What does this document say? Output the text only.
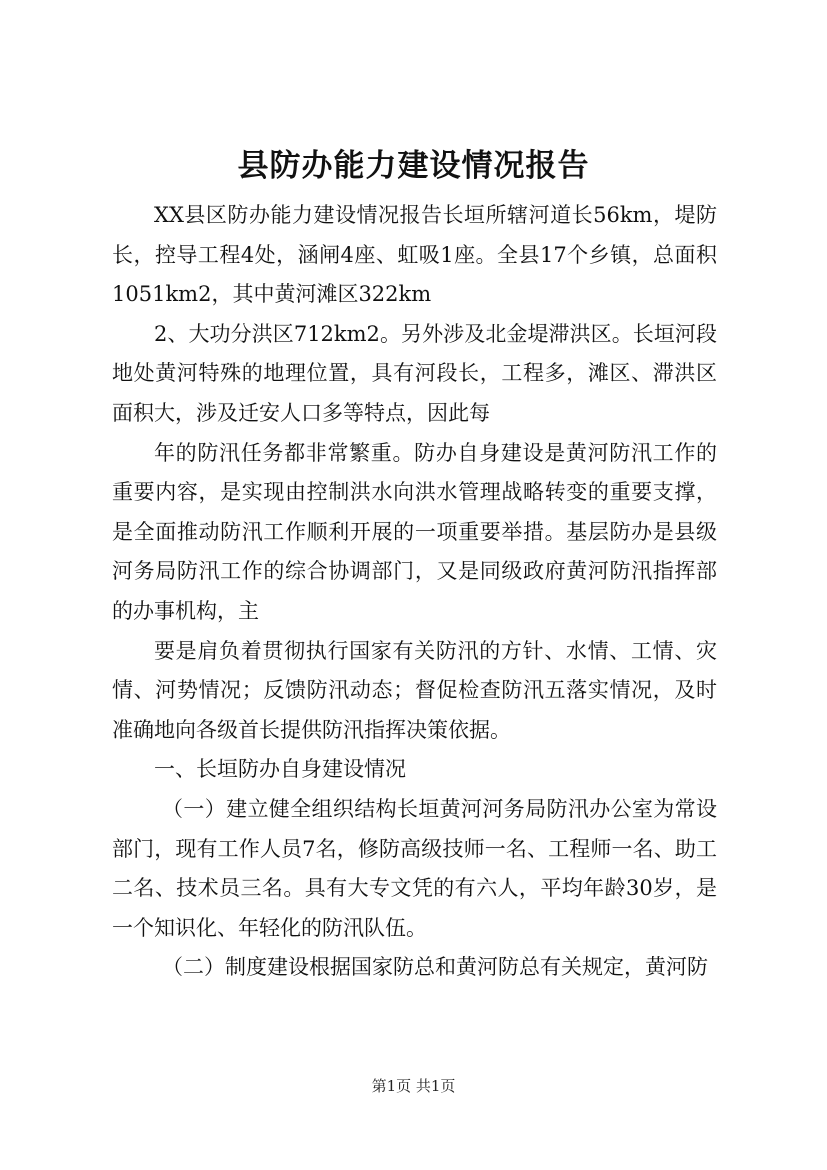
县防办能力建设情况报告

XX县区防办能力建设情况报告长垣所辖河道长56km，堤防长，控导工程4处，涵闸4座、虹吸1座。全县17个乡镇，总面积1051km2，其中黄河滩区322km

2、大功分洪区712km2。另外涉及北金堤滞洪区。长垣河段地处黄河特殊的地理位置，具有河段长，工程多，滩区、滞洪区面积大，涉及迁安人口多等特点，因此每

年的防汛任务都非常繁重。防办自身建设是黄河防汛工作的重要内容，是实现由控制洪水向洪水管理战略转变的重要支撑，是全面推动防汛工作顺利开展的一项重要举措。基层防办是县级河务局防汛工作的综合协调部门，又是同级政府黄河防汛指挥部的办事机构，主

要是肩负着贯彻执行国家有关防汛的方针、水情、工情、灾情、河势情况；反馈防汛动态；督促检查防汛五落实情况，及时准确地向各级首长提供防汛指挥决策依据。

一、长垣防办自身建设情况

（一）建立健全组织结构长垣黄河河务局防汛办公室为常设部门，现有工作人员7名，修防高级技师一名、工程师一名、助工二名、技术员三名。具有大专文凭的有六人，平均年龄30岁，是一个知识化、年轻化的防汛队伍。

（二）制度建设根据国家防总和黄河防总有关规定，黄河防

第1页 共1页
